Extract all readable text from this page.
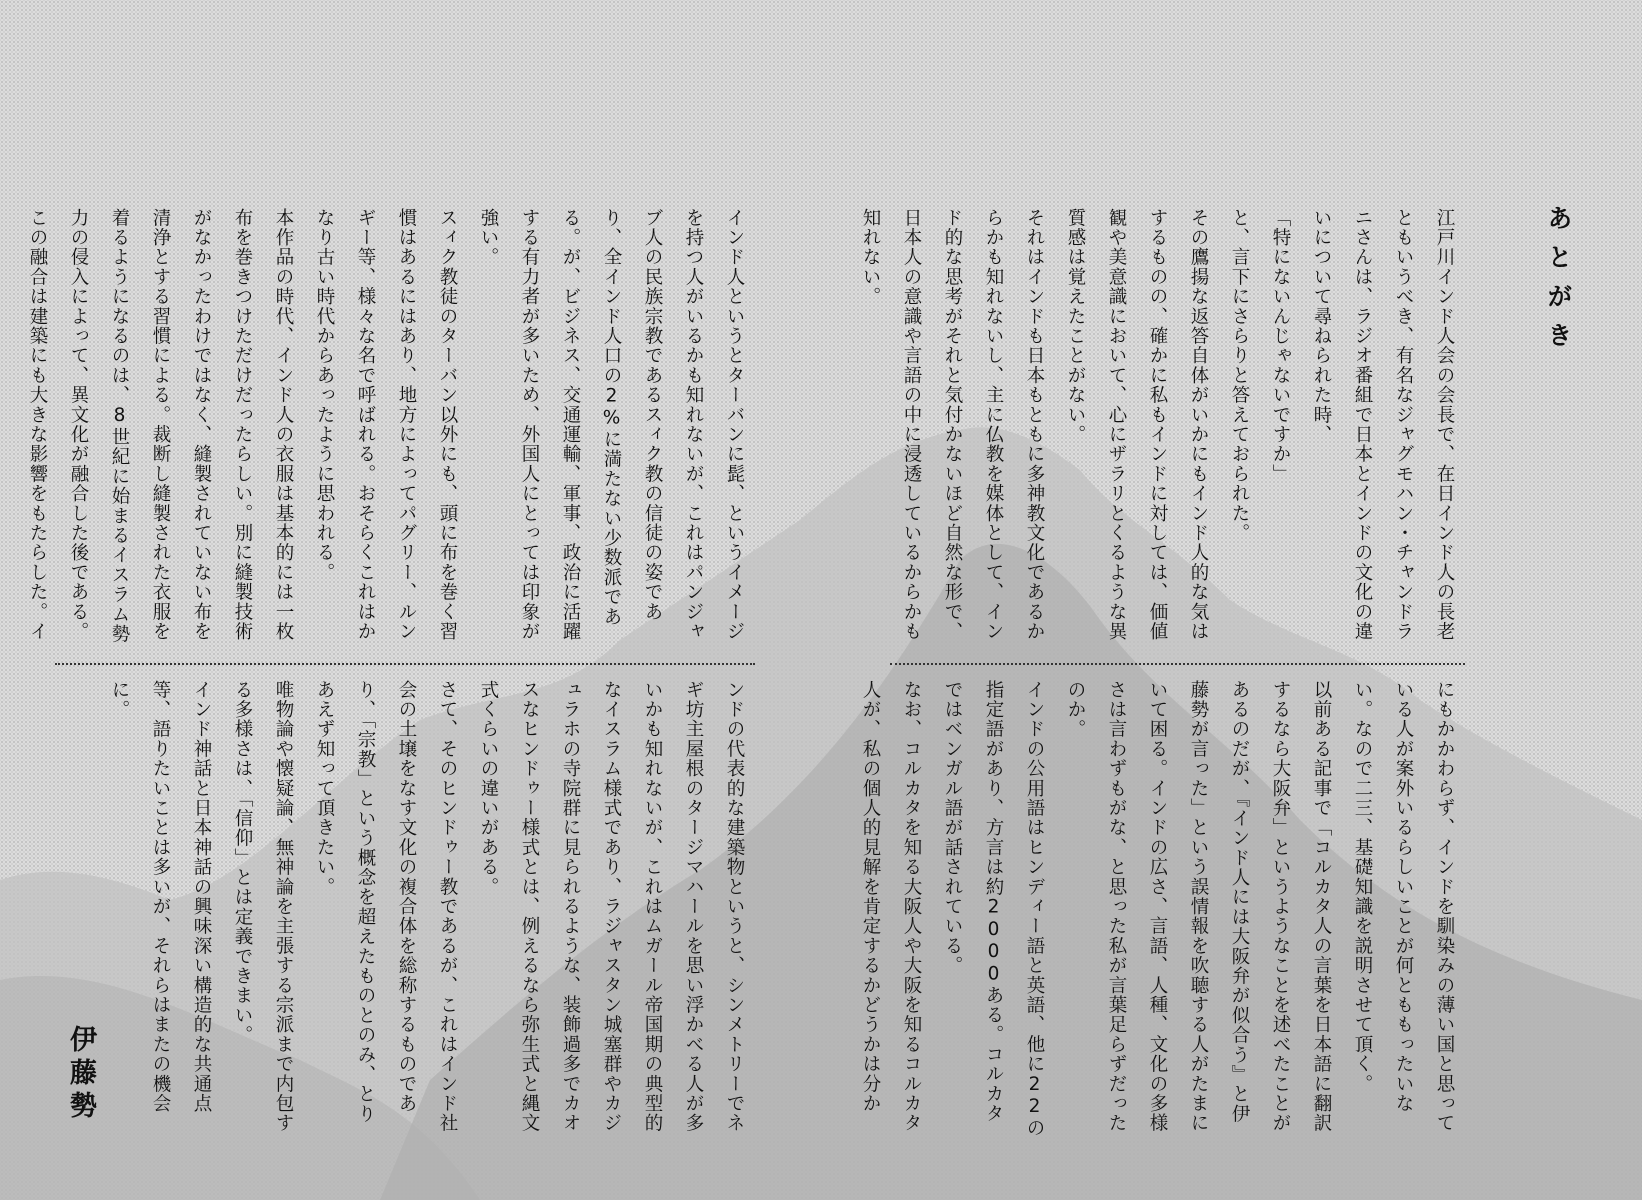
あとがき
江戸川インド人会の会長で、在日インド人の長老ともいうべき、有名なジャグモハン・チャンドラニさんは、ラジオ番組で日本とインドの文化の違いについて尋ねられた時、
「特にないんじゃないですか」
と、言下にさらりと答えておられた。
その鷹揚な返答自体がいかにもインド人的な気はするものの、確かに私もインドに対しては、価値観や美意識において、心にザラリとくるような異質感は覚えたことがない。
それはインドも日本もともに多神教文化であるからかも知れないし、主に仏教を媒体として、インド的な思考がそれと気付かないほど自然な形で、日本人の意識や言語の中に浸透しているからかも知れない。
インド人というとターバンに髭、というイメージを持つ人がいるかも知れないが、これはパンジャブ人の民族宗教であるスィク教の信徒の姿であり、全インド人口の2%に満たない少数派である。が、ビジネス、交通運輸、軍事、政治に活躍する有力者が多いため、外国人にとっては印象が強い。
スィク教徒のターバン以外にも、頭に布を巻く習慣はあるにはあり、地方によってパグリー、ルンギー等、様々な名で呼ばれる。おそらくこれはかなり古い時代からあったように思われる。
本作品の時代、インド人の衣服は基本的には一枚布を巻きつけただけだったらしい。別に縫製技術がなかったわけではなく、縫製されていない布を清浄とする習慣による。裁断し縫製された衣服を着るようになるのは、8世紀に始まるイスラム勢力の侵入によって、異文化が融合した後である。
この融合は建築にも大きな影響をもたらした。イ
にもかかわらず、インドを馴染みの薄い国と思っている人が案外いるらしいことが何とももったいない。なので二三、基礎知識を説明させて頂く。
以前ある記事で「コルカタ人の言葉を日本語に翻訳するなら大阪弁」というようなことを述べたことがあるのだが、『インド人には大阪弁が似合う』と伊藤勢が言った」という誤情報を吹聴する人がたまにいて困る。インドの広さ、言語、人種、文化の多様さは言わずもがな、と思った私が言葉足らずだったのか。
インドの公用語はヒンディー語と英語、他に22の指定語があり、方言は約2000ある。コルカタではベンガル語が話されている。
なお、コルカタを知る大阪人や大阪を知るコルカタ人が、私の個人的見解を肯定するかどうかは分か
ンドの代表的な建築物というと、シンメトリーでネギ坊主屋根のタージマハールを思い浮かべる人が多いかも知れないが、これはムガール帝国期の典型的なイスラム様式であり、ラジャスタン城塞群やカジュラホの寺院群に見られるような、装飾過多でカオスなヒンドゥー様式とは、例えるなら弥生式と縄文式くらいの違いがある。
さて、そのヒンドゥー教であるが、これはインド社会の土壌をなす文化の複合体を総称するものであり、「宗教」という概念を超えたものとのみ、とりあえず知って頂きたい。
唯物論や懐疑論、無神論を主張する宗派まで内包する多様さは、「信仰」とは定義できまい。
インド神話と日本神話の興味深い構造的な共通点等、語りたいことは多いが、それらはまたの機会に。
伊藤勢
